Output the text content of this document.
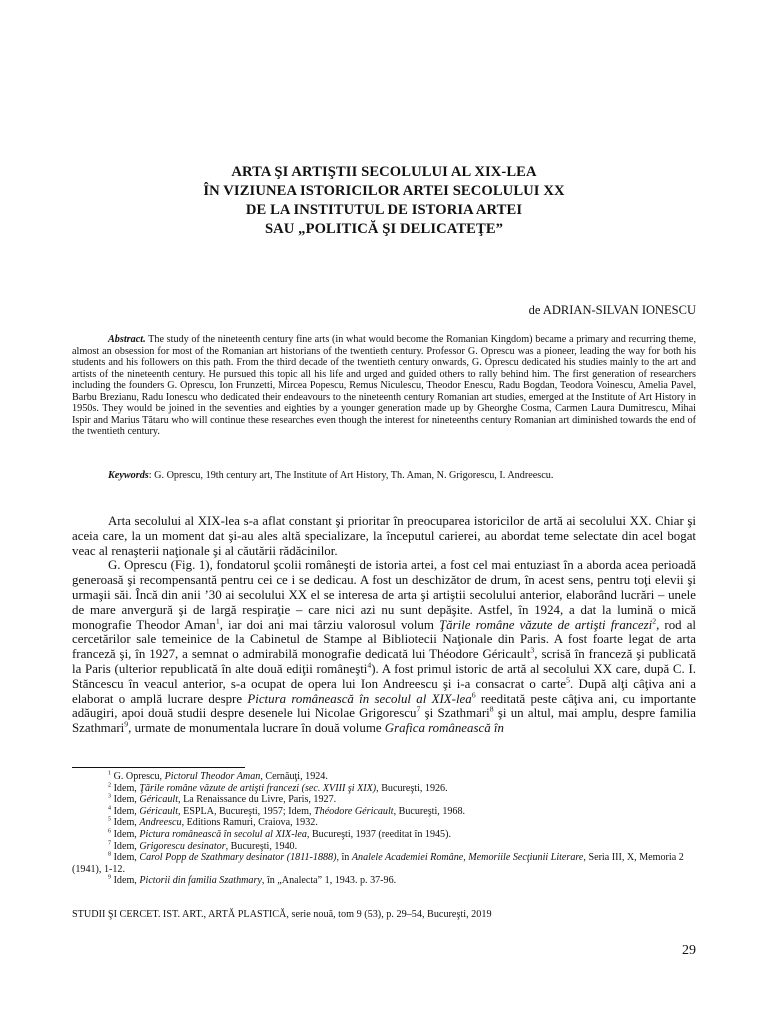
ARTA ŞI ARTIŞTII SECOLULUI AL XIX-LEA
ÎN VIZIUNEA ISTORICILOR ARTEI SECOLULUI XX
DE LA INSTITUTUL DE ISTORIA ARTEI
SAU „POLITICĂ ŞI DELICATEŢE”
de ADRIAN-SILVAN IONESCU

Abstract. The study of the nineteenth century fine arts (in what would become the Romanian Kingdom) became a primary and recurring theme, almost an obsession for most of the Romanian art historians of the twentieth century. Professor G. Oprescu was a pioneer, leading the way for both his students and his followers on this path. From the third decade of the twentieth century onwards, G. Oprescu dedicated his studies mainly to the art and artists of the nineteenth century. He pursued this topic all his life and urged and guided others to rally behind him. The first generation of researchers including the founders G. Oprescu, Ion Frunzetti, Mircea Popescu, Remus Niculescu, Theodor Enescu, Radu Bogdan, Teodora Voinescu, Amelia Pavel, Barbu Brezianu, Radu Ionescu who dedicated their endeavours to the nineteenth century Romanian art studies, emerged at the Institute of Art History in 1950s. They would be joined in the seventies and eighties by a younger generation made up by Gheorghe Cosma, Carmen Laura Dumitrescu, Mihai Ispir and Marius Tătaru who will continue these researches even though the interest for nineteenths century Romanian art diminished towards the end of the twentieth century.

Keywords: G. Oprescu, 19th century art, The Institute of Art History, Th. Aman, N. Grigorescu, I. Andreescu.

Arta secolului al XIX-lea s-a aflat constant şi prioritar în preocuparea istoricilor de artă ai secolului XX. Chiar şi aceia care, la un moment dat şi-au ales altă specializare, la începutul carierei, au abordat teme selectate din acel bogat veac al renaşterii naţionale şi al căutării rădăcinilor.

G. Oprescu (Fig. 1), fondatorul şcolii româneşti de istoria artei, a fost cel mai entuziast în a aborda acea perioadă generoasă şi recompensantă pentru cei ce i se dedicau. A fost un deschizător de drum, în acest sens, pentru toţi elevii şi urmaşii săi. Încă din anii ’30 ai secolului XX el se interesa de arta şi artiştii secolului anterior, elaborând lucrări – unele de mare anvergură şi de largă respiraţie – care nici azi nu sunt depăşite. Astfel, în 1924, a dat la lumină o mică monografie Theodor Aman$^1$, iar doi ani mai târziu valorosul volum Ţările române văzute de artişti francezi$^2$, rod al cercetărilor sale temeinice de la Cabinetul de Stampe al Bibliotecii Naţionale din Paris. A fost foarte legat de arta franceză şi, în 1927, a semnat o admirabilă monografie dedicată lui Théodore Géricault$^3$, scrisă în franceză şi publicată la Paris (ulterior republicată în alte două ediţii româneşti$^4$). A fost primul istoric de artă al secolului XX care, după C. I. Stăncescu în veacul anterior, s-a ocupat de opera lui Ion Andreescu şi i-a consacrat o carte$^5$. După alţi câţiva ani a elaborat o amplă lucrare despre Pictura românească în secolul al XIX-lea$^6$ reeditată peste câţiva ani, cu importante adăugiri, apoi două studii despre desenele lui Nicolae Grigorescu$^7$ şi Szathmari$^8$ şi un altul, mai amplu, despre familia Szathmari$^9$, urmate de monumentala lucrare în două volume Grafica românească în

$^1$ G. Oprescu, Pictorul Theodor Aman, Cernăuţi, 1924.
$^2$ Idem, Ţările române văzute de artişti francezi (sec. XVIII şi XIX), Bucureşti, 1926.
$^3$ Idem, Géricault, La Renaissance du Livre, Paris, 1927.
$^4$ Idem, Géricault, ESPLA, Bucureşti, 1957; Idem, Théodore Géricault, Bucureşti, 1968.
$^5$ Idem, Andreescu, Editions Ramuri, Craiova, 1932.
$^6$ Idem, Pictura românească în secolul al XIX-lea, Bucureşti, 1937 (reeditat în 1945).
$^7$ Idem, Grigorescu desinator, Bucureşti, 1940.
$^8$ Idem, Carol Popp de Szathmary desinator (1811-1888), în Analele Academiei Române, Memoriile Secţiunii Literare, Seria III, X, Memoria 2 (1941), 1-12.
$^9$ Idem, Pictorii din familia Szathmary, în „Analecta” 1, 1943. p. 37-96.
STUDII ŞI CERCET. IST. ART., ARTĂ PLASTICĂ, serie nouă, tom 9 (53), p. 29–54, Bucureşti, 2019
29
